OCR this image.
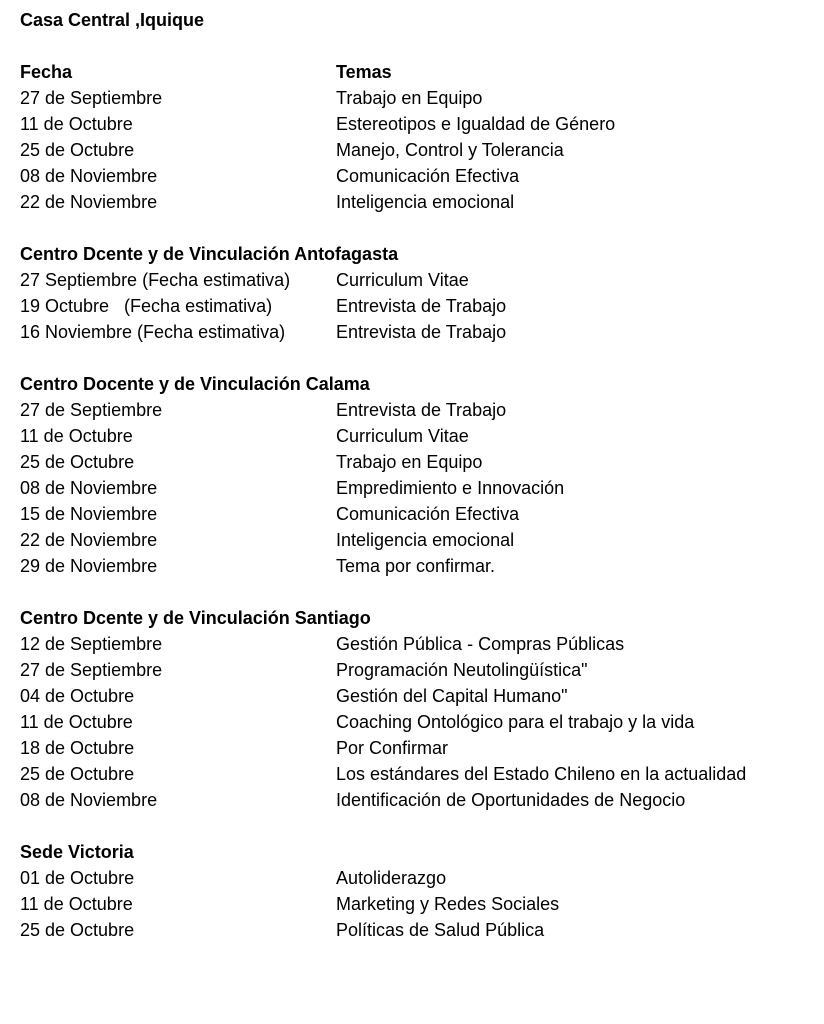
Casa Central ,Iquique
Fecha	Temas
27 de Septiembre	Trabajo en Equipo
11 de Octubre	Estereotipos e Igualdad de Género
25 de Octubre	Manejo, Control y Tolerancia
08 de Noviembre	Comunicación Efectiva
22 de Noviembre	Inteligencia emocional
Centro Dcente y de Vinculación Antofagasta
27 Septiembre (Fecha estimativa)	Curriculum Vitae
19 Octubre   (Fecha estimativa)	Entrevista de Trabajo
16 Noviembre (Fecha estimativa)	Entrevista de Trabajo
Centro Docente y de Vinculación Calama
27 de Septiembre	Entrevista de Trabajo
11 de Octubre	Curriculum Vitae
25 de Octubre	Trabajo en Equipo
08 de Noviembre	Empredimiento e Innovación
15 de Noviembre	Comunicación Efectiva
22 de Noviembre	Inteligencia emocional
29 de Noviembre	Tema por confirmar.
Centro Dcente y de Vinculación Santiago
12 de Septiembre	Gestión Pública - Compras Públicas
27 de Septiembre	Programación Neutolingüística"
04 de Octubre	Gestión del Capital Humano"
11 de Octubre	Coaching Ontológico para el trabajo y la vida
18 de Octubre	Por Confirmar
25 de Octubre	Los estándares del Estado Chileno en la actualidad
08 de Noviembre	Identificación de Oportunidades de Negocio
Sede Victoria
01 de Octubre	Autoliderazgo
11 de Octubre	Marketing y Redes Sociales
25 de Octubre	Políticas de Salud Pública
